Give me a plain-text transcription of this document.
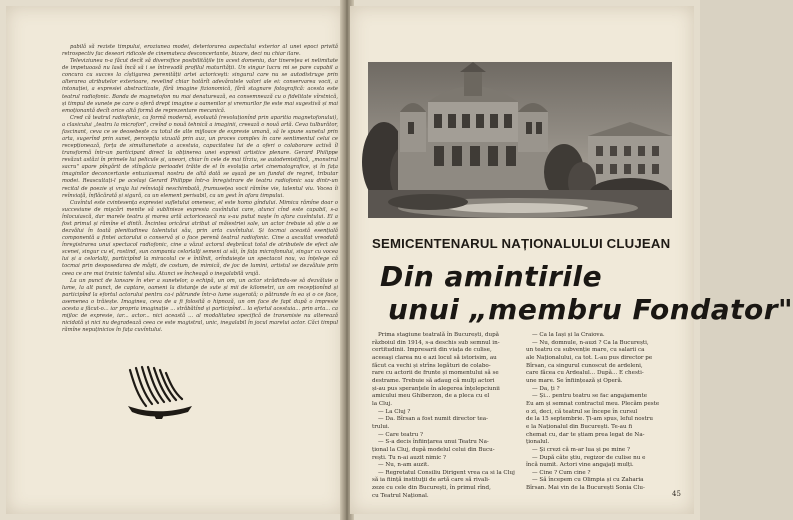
pabilă să reziste timpului, eroziunea modei, deteriorarea aspectului exterior al unei epoci privită retrospectiv fac deseori ridicole de cinemateca desconcertante, bizare, deci nu chiar ilare.

Televiziunea n-a făcut decît să diversifice posibilitățile țin acest domeniu, dar tinerețea ei nelimitate de impetuoasă nu lasă încă să i se întrevadă profilul maturității. Un singur lucru mi se pare capabil a concura cu succes la cîștigarea perenității artei actoriceşti: singurul care nu se autodistruge prin alterarea atributelor exterioare, revelind chiar hotărît adevăratele valori ale ei: conservarea vocii, a intonației, a expresiei abstractizate, fără imagine fizionomică, fără stagnare fotografică: acesta este teatrul radiofonic. Banda de magnetofon nu mai denaturează, ea consemnează cu o fidelitate vîrstnică, și timpul de sunete pe care o oferă drept imagine a oamenilor și vremurilor fie este mai sugestivă și mai emoționantă decît orice altă formă de reprezentare mecanică.

Cred că teatrul radiofonic, ca formă modernă, evoluată (revoluționînd prin aparitia magnetofonului), a clasicului „teatru la microfon", creînd o nouă tehnică a imaginii, creează o nouă artă. Ceva tulburător, fascinant, ceva ce se deosebește cu totul de alte mijloace de expresie umană, să le spune sunetul prin arta, sugerînd prin sunet, percepția vizuală prin auz, un proces complex în care sentimentul celui ce recepționează, forța de simultaneitate a acestuia, capacitatea lui de a oferi o colaborare activă îl transformă într-un participant direct la obținerea unei expresii artistice plenare. Gerard Philippe revăzut astăzi în primele lui pelicule și, uneori, chiar în cele de mai tîrziu, se autodemistifică, „monstrul sacru" apare pîngărit de stîngăcia perioadei trăite de el în evoluția artei cinematografice, și în fața imaginilor deconcertante entuziasmul nostru de altă dată se aşază pe un fundal de regret, tributar modei. Reascultați-l pe acelaşi Gerard Philippe într-o înregistrare de teatru radiofonic sau dintr-un recital de poezie și vraja lui reînviaţă neschimbată, frumusețea vocii rămîne vie, talentul viu. Vocea îi reînviaţă, înflăcărată și sigură, ca un element perisabil, ca un gest în afara timpului.

Cuvîntul este cvintesența expresiei sufletului omenesc, el este homo gîndului. Mimica rămîne doar o succesiune de mişcări menite să sublinieze expresia cuvîntului care, atunci cînd este capabil, s-a înlocuiască, dar marele teatru și marea artă actoricească nu s-au putut naște în afara cuvîntului. El a fost primul și rămîne el dintîi. Încintea oricărui atribut al măiestriei sale, un actor trebuie să știe a se dezvălui în toată plenitudinea talentului său, prin arta cuvîntului. Și tocmai această esențială componentă a fintei actorului o conservă și o face perenă teatrul radiofonic. Cine a ascultat vreodată înregistrarea unui spectacol radiofonic, cine a văzut actorul deşbrăcat total de atributele de efect ale scenei, singur cu el, rostind, sun compania celorlalţi semeni ai săi, în fața microfonului, singur cu vocea lui și a celorlalți, participînd la miracolul ce e întîlnit, orînduieşte un spectacol nou, va înțelege că tocmai prin desposedarea de măşti, de costum, de mimică, de joc de lumini, artistul se dezvăluie prin ceea ce are mai trainic talentul său. Atunci se încheagă o inegalabilă vrajă.

La un punct de lansare în eter a sunetelor, o echipă, un om, un actor strădindu-se să dezvăluie o lume, la alt punct, de captare, oameni la distanţe de sute și mii de kilometri, un om recepționînd și participînd la efortul actorului pentru ca-i pătrunde într-o lume sugerată; o pătrunde în ea și o ce face, asemenea o trăiește. Imaginea, ceva de a fi folosită o hipnoză, un om face de fapt după o impresie acesta a făcut-o... iar propria imaginație ... străbătînd și participînd... la efortul acestuia... prin arta... ca mijloc de expresie, iar... actor... nici această ... al modalitatea specifică de transmisie nu alterează nicidată și nici nu degradează ceea ce este magistral, unic, inegalabil în jocul marelui actor. Căci timpul rămîne nepuținicios în fața cuvîntului.

SEMICENTENARUL NAȚIONALULUI CLUJEAN
Din amintirile
unui „membru Fondator"
Prima stagiune teatrală în București, după
războiul din 1914, s-a deschis sub semnul in-
certitudinii. Impresarii din viața de culise,
aceeaşi clarea nu e azi locul să istorisim, au
făcut ca vechi și strîns legături de colabo-
rare cu actorii de frunte și momentului să se
destrame. Trebuie să adaug că mulţi actori
și-au pus speranțele în alegerea înțelepciunii
amicului meu Ghiberzon, de a pleca cu el
la Cluj.
— La Cluj ?
— Da. Bîrsan a fost numit director tea-
trului.
— Care teatru ?
— S-a decis înființarea unui Teatru Na-
țional la Cluj, după modelul celui din Bucu-
rești. Tu n-ai auzit nimic ?
— Nu, n-am auzit.
— Regretatul Consiliu Dirigent vrea ca si la Cluj
să ia ființă instituţii de artă care să rivali-
zeze cu cele din București, în primul rînd,
cu Teatrul Național.
— Ca la Iași și la Craiova.
— Nu, domnule, n-auzi ? Ca la București,
un teatru cu subvenție mare, cu salarii ca
ale Naționalului, ca tot. L-au pus director pe
Bîrsan, ca singurul cunoscut de ardeleni,
care făcea cu Ardealul... După... E chesti-
une mare. Se înființează și Operă.
— Da, ți ?
— Și... pentru teatru se fac angajamente
Eu am și semnat contractul meu. Plecăm peste
o zi, deci, că teatrul se începe în cursul
de la 15 septembrie. Ți-am spus, leful nostru
e la Naționalul din București. Te-au fi
chemat cu, dar te știam prea legat de Na-
ționalul.
— Și crezi că m-ar lua și pe mine ?
— După câte ştiu, regizor de culise nu e
încă numit. Actori vine angajați mulți.
— Cine ? Cum cine ?
— Să începem cu Olimpia și cu Zaharia
Bîrsan. Mai vin de la București Sonia Clu-
45
